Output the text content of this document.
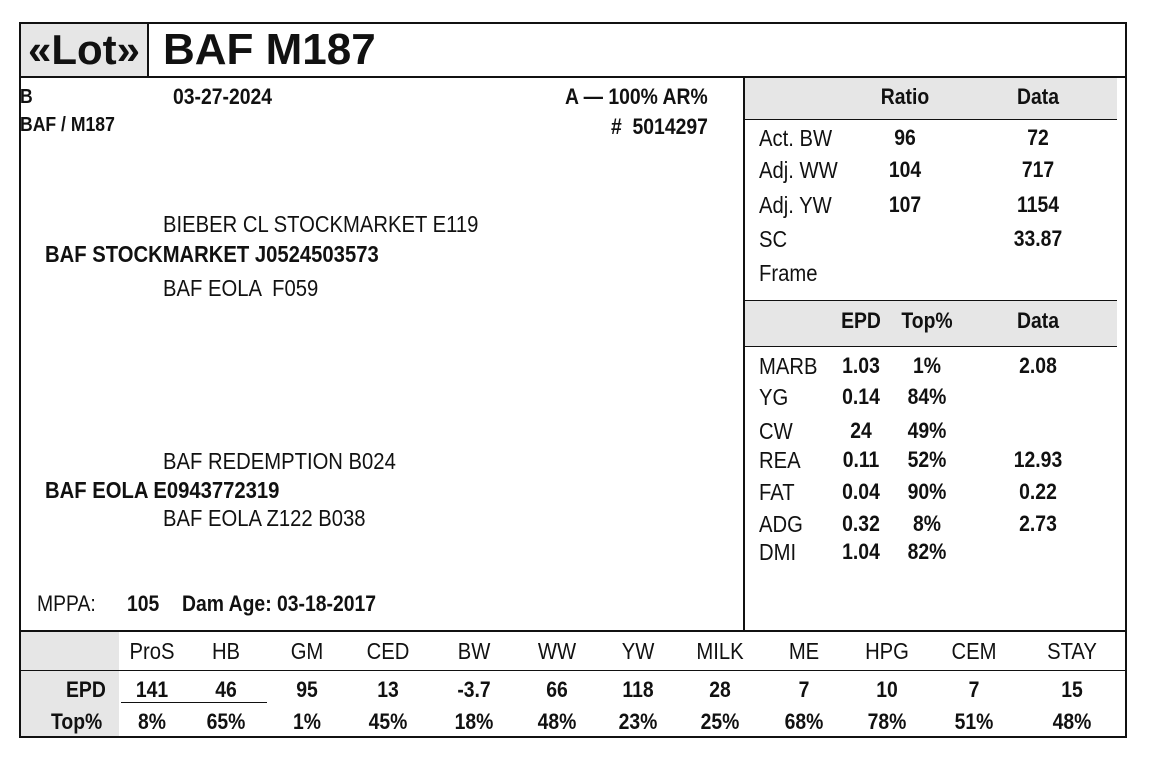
«Lot» BAF M187
B	03-27-2024	A — 100% AR%
BAF / M187	#  5014297
BIEBER CL STOCKMARKET E119
BAF STOCKMARKET J0524503573
BAF EOLA  F059
BAF REDEMPTION B024
BAF EOLA E0943772319
BAF EOLA Z122 B038
MPPA: 105 Dam Age: 03-18-2017
Ratio	Data
Act. BW	96	72
Adj. WW 104	717
Adj. YW	107	1154
SC	33.87
Frame
EPD Top%	Data
MARB 1.03 1%	2.08
YG 0.14 84%
CW	24 49%
REA 0.11 52%	12.93
FAT 0.04 90%	0.22
ADG 0.32 8%	2.73
DMI 1.04 82%
EPD
Top%
ProS HB GM CED BW WW YW MILK ME HPG CEM STAY
141 46	95	13	-3.7	66 118	28	7	10	7	15
8% 65% 1% 45% 18% 48% 23% 25% 68% 78% 51%	48%
